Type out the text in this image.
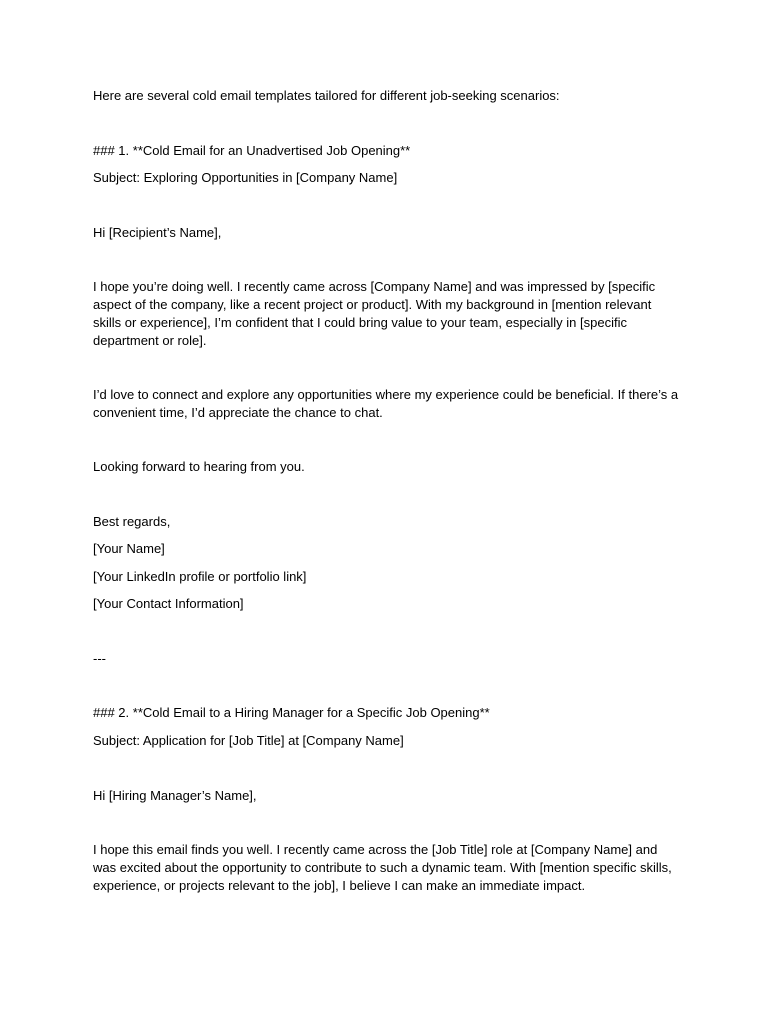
Here are several cold email templates tailored for different job-seeking scenarios:

### 1. **Cold Email for an Unadvertised Job Opening**

Subject: Exploring Opportunities in [Company Name]

Hi [Recipient’s Name],

I hope you’re doing well. I recently came across [Company Name] and was impressed by [specific aspect of the company, like a recent project or product]. With my background in [mention relevant skills or experience], I’m confident that I could bring value to your team, especially in [specific department or role].

I’d love to connect and explore any opportunities where my experience could be beneficial. If there’s a convenient time, I’d appreciate the chance to chat.

Looking forward to hearing from you.

Best regards,

[Your Name]

[Your LinkedIn profile or portfolio link]

[Your Contact Information]

---

### 2. **Cold Email to a Hiring Manager for a Specific Job Opening**

Subject: Application for [Job Title] at [Company Name]

Hi [Hiring Manager’s Name],

I hope this email finds you well. I recently came across the [Job Title] role at [Company Name] and was excited about the opportunity to contribute to such a dynamic team. With [mention specific skills, experience, or projects relevant to the job], I believe I can make an immediate impact.
